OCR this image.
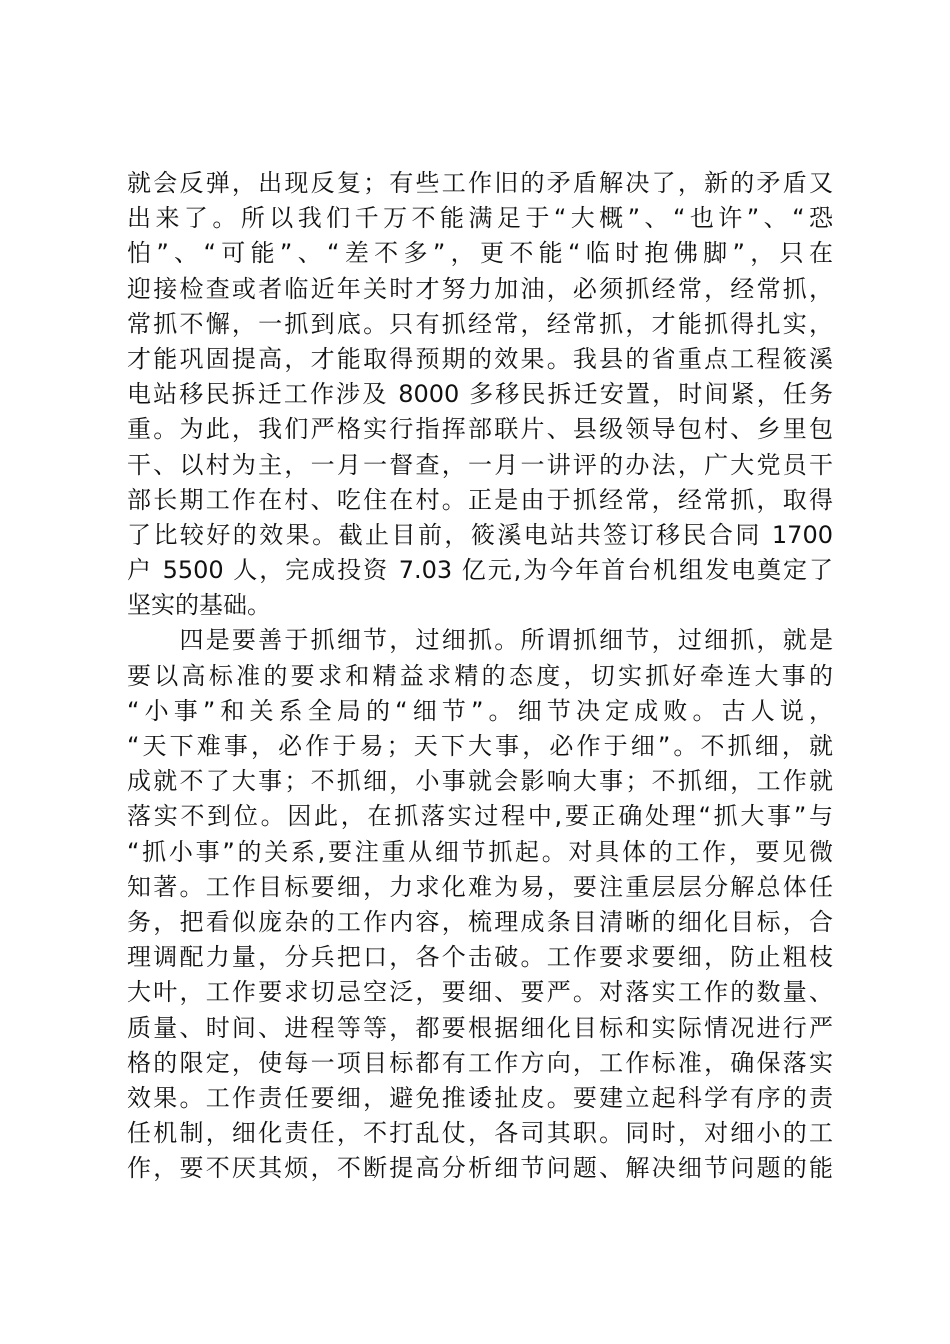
就会反弹，出现反复；有些工作旧的矛盾解决了，新的矛盾又
出来了。所以我们千万不能满足于“大概”、“也许”、“恐
怕”、“可能”、“差不多”，更不能“临时抱佛脚”，只在
迎接检查或者临近年关时才努力加油，必须抓经常，经常抓，
常抓不懈，一抓到底。只有抓经常，经常抓，才能抓得扎实，
才能巩固提高，才能取得预期的效果。我县的省重点工程筱溪
电站移民拆迁工作涉及 8000 多移民拆迁安置，时间紧，任务
重。为此，我们严格实行指挥部联片、县级领导包村、乡里包
干、以村为主，一月一督查，一月一讲评的办法，广大党员干
部长期工作在村、吃住在村。正是由于抓经常，经常抓，取得
了比较好的效果。截止目前，筱溪电站共签订移民合同 1700
户 5500 人，完成投资 7.03 亿元,为今年首台机组发电奠定了
坚实的基础。
　　四是要善于抓细节，过细抓。所谓抓细节，过细抓，就是
要以高标准的要求和精益求精的态度，切实抓好牵连大事的
“小事”和关系全局的“细节”。细节决定成败。古人说，
“天下难事，必作于易；天下大事，必作于细”。不抓细，就
成就不了大事；不抓细，小事就会影响大事；不抓细，工作就
落实不到位。因此，在抓落实过程中,要正确处理“抓大事”与
“抓小事”的关系,要注重从细节抓起。对具体的工作，要见微
知著。工作目标要细，力求化难为易，要注重层层分解总体任
务，把看似庞杂的工作内容，梳理成条目清晰的细化目标，合
理调配力量，分兵把口，各个击破。工作要求要细，防止粗枝
大叶，工作要求切忌空泛，要细、要严。对落实工作的数量、
质量、时间、进程等等，都要根据细化目标和实际情况进行严
格的限定，使每一项目标都有工作方向，工作标准，确保落实
效果。工作责任要细，避免推诿扯皮。要建立起科学有序的责
任机制，细化责任，不打乱仗，各司其职。同时，对细小的工
作，要不厌其烦，不断提高分析细节问题、解决细节问题的能
